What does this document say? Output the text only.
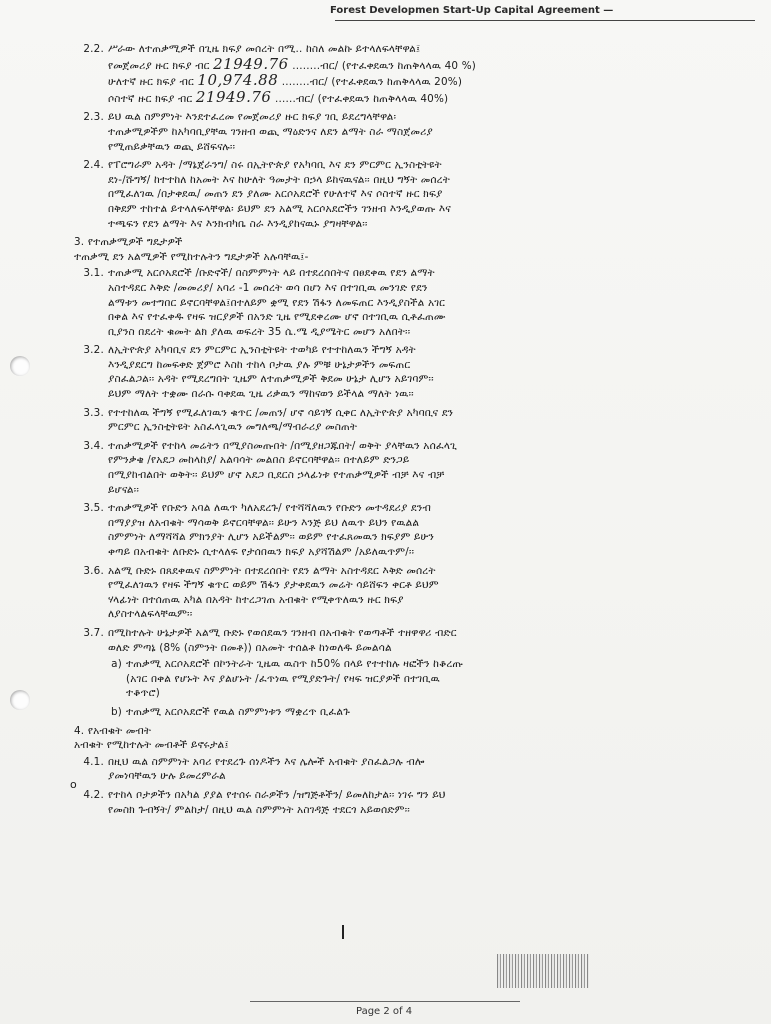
Forest Developmen Start-Up Capital Agreement —
2.2. ሥራው ለተጠቃሚዎች በጊዜ ክፍያ መሰረት በሚ.. ከስለ መልኩ ይተላለፍላቸዋል፤
የመጀመሪያ ዙር ክፍያ ብር 21949.76 ........ብር/ (የተፈቀደዉን ከጠቅላላዉ 40 %)
ሁለተኛ ዙር ክፍያ ብር 10,974.88 ........ብር/ (የተፈቀደዉን ከጠቅላላዉ 20%)
ሶስተኛ ዙር ክፍያ ብር 21949.76 ......ብር/ (የተፈቀደዉን ከጠቅላላዉ 40%)
2.3. ይህ ዉል ስምምነት እንደተፈረመ የመጀመሪያ ዙር ክፍያ ገቢ ይደረግላቸዋል፡
ተጠቃሚዎችም ከአካባቢያቸዉ ገንዘብ ወጪ ማዕድንና ለደን ልማት ስራ ማስጀመሪያ
የሚጠይቃቸዉን ወጪ ይሸፍናሉ፡፡
2.4. የፐሮግራም አዳት /ማኔጀራንግ/ ስሩ በኢትዮጵያ የአካባቢ እና ደን ምርምር ኢንስቲትዩት
ደነ-/ሹግኝ/ ከተተከለ ከአመት እና ከሁለት ዓመታት በኃላ ይከናዉናል፡፡ በዚህ ግኝት መሰረት
በሚፈለገዉ /በታቀደዉ/ መጠን ደን ያለሙ አርሶአደሮች የሁለተኛ እና ሶስተኛ ዙር ክፍያ
በቅደም ተከተል ይተላለፍላቸዋል፡ ይህም ደን አልሚ አርሶአደሮችን ገንዘብ እንዲያወጡ እና
ተጫፍን የደን ልማት እና እንክብካቤ ስራ እንዲያከናዉኑ ያግዛቸዋል፡፡
3. የተጠቃሚዎች ግዴታዎች
ተጠቃሚ ደን አልሚዎች የሚከተሉትን ግዴታዎች አሉባቸዉ፤-
3.1. ተጠቃሚ አርሶአደሮች /ቡድኖች/ በስምምነት ላይ በተደረሰበትና በፀደቀዉ የደን ልማት
አስተዳደር እቅድ /መመሪያ/ አባሪ -1 መሰረት ወሳ በሆነ እና በተገቢዉ መንገድ የደን
ልማቱን መተግበር ይኖርባቸዋል፤በተለይም ቋሚ የደን ሽፋን ለመፍጠር እንዲያስችል አገር
በቀል እና የተፈቀዱ የዛፍ ዝርያዎች በአንድ ጊዜ የሚደቀረሙ ሆኖ በተገቢዉ ሲቶፈጠሙ
ቢያንስ በደረት ቁመት ልክ ያለዉ ወፍረት 35 ሴ.ሜ ዲያሜትር መሆን አለበት፡፡
3.2. ለኢትዮጵያ አካባቢና ደን ምርምር ኢንስቲትዩት ተወካይ የተተከለዉን ችግኝ አዳት
እንዲያደርግ ከመፍቀድ ጀምሮ እስከ ተከላ ቦታዉ ያሉ ምቹ ሁኔታዎችን መፍጠር
ያስፈልጋል፡፡ አዳት የሚደረግበት ጊዜም ለተጠቃሚዎች ቅደመ ሁኔታ ሊሆን አይገባም፡፡
ይህም ማለት ተቋሙ በራሱ ባቀደዉ ጊዜ ሪቃዉን ማከናወን ይችላል ማለት ነዉ፡፡
3.3. የተተከለዉ ችግኝ የሚፈለገዉን ቁጥር /መጠን/ ሆኖ ሳይገኝ ሲቀር ለኢትዮጵያ አካባቢና ደን
ምርምር ኢንስቲትዩት አስፈላጊዉን መግለጫ/ማብራሪያ መስጠት
3.4. ተጠቃሚዎች የተከላ መሬትን በሚያስመጡበት /በሚያዘጋጁበት/ ወቅት ያላቸዉን አሰፈላጊ
የምንቃቄ /የአደጋ መከላከያ/ አልባሳት መልበስ ይኖርባቸዋል፡፡ በተለይም ድንጋይ
በሚያከብልበት ወቅት፡፡ ይህም ሆኖ አደጋ ቢደርስ ኃላፊነቱ የተጠቃሚዎች ብቻ እና ብቻ
ይሆናል፡፡
3.5. ተጠቃሚዎች የቡድን አባል ለዉጥ ካለአደረጉ/ የተሻሻለዉን የቡድን መተዳደሪያ ደንብ
በማያያዝ ለአብቁት ማሳወቅ ይኖርባቸዋል፡፡ ይሁን እንጅ ይህ ለዉጥ ይህን የዉልል
ስምምነት ለማሻሻል ምክንያት ሊሆን አይችልም፡፡ ወይም የተፈጸመዉን ክፍያም ይሁን
ቀጣይ በአብቁት ለቡድኑ ሲተላለፍ የታሰበዉን ክፍያ አያሻሽልም /አይለዉጥም/፡፡
3.6. አልሚ ቡድኑ በጸደቀዉና ስምምነት በተደረሰበት የደን ልማት አስተዳደር እቅድ መሰረት
የሚፈለገዉን የዛፍ ችግኝ ቁጥር ወይም ሽፋን ያታቀደዉን መሬት ሳይሸፍን ቀርቶ ይህም
ሃላፊነት በተሰጠዉ አካል በአዳት ከተረጋገጠ አብቁት የሚቀጥለዉን ዙር ክፍያ
ለያስተላልፍላቸዉም፡፡
3.7. በሚከተሉት ሁኔታዎች አልሚ ቡድኑ የወሰደዉን ገንዘብ በአብቁት የወጣቶች ተዘዋዋሪ ብድር
ወለድ ምጣኔ (8% (ስምንት በመቶ)) በአመት ተሰልቶ ከነወለዱ ይመልሳል
a) ተጠቃሚ አርሶአደሮች በኮንትራት ጊዜዉ ዉስጥ ከ50% በላይ የተተከሉ ዛፎችን ከቆረጡ
(አገር በቀል የሆኑት እና ያልሆኑት /ፈጥነዉ የሚያድጉት/ የዛፍ ዝርያዎች በተገቢዉ
ተቆጥሮ)
b) ተጠቃሚ አርሶአደሮች የዉል ስምምነቱን ማቋረጥ ቢፈልጉ
4. የአብቁት መብት
አብቁት የሚከተሉት መብቶች ይኖሩታል፤
4.1. በዚህ ዉል ስምምነት አባሪ የተደረጉ ሰነዶችን እና ሌሎች አብቁት ያስፈልጋሉ ብሎ
ያመነባቸዉን ሁሉ ይመረምራል
4.2. የተከላ ቦታዎችን በአካል ያያል የተሰሩ ስራዎችን /ዝግጅቶችን/ ይመለከታል፡፡ ነገሩ ግን ይህ
የመስክ ጉብኝት/ ምልከታ/ በዚህ ዉል ስምምነት አስገዳጅ ተደርጎ አይወሰድም፡፡
o
Page 2 of 4
